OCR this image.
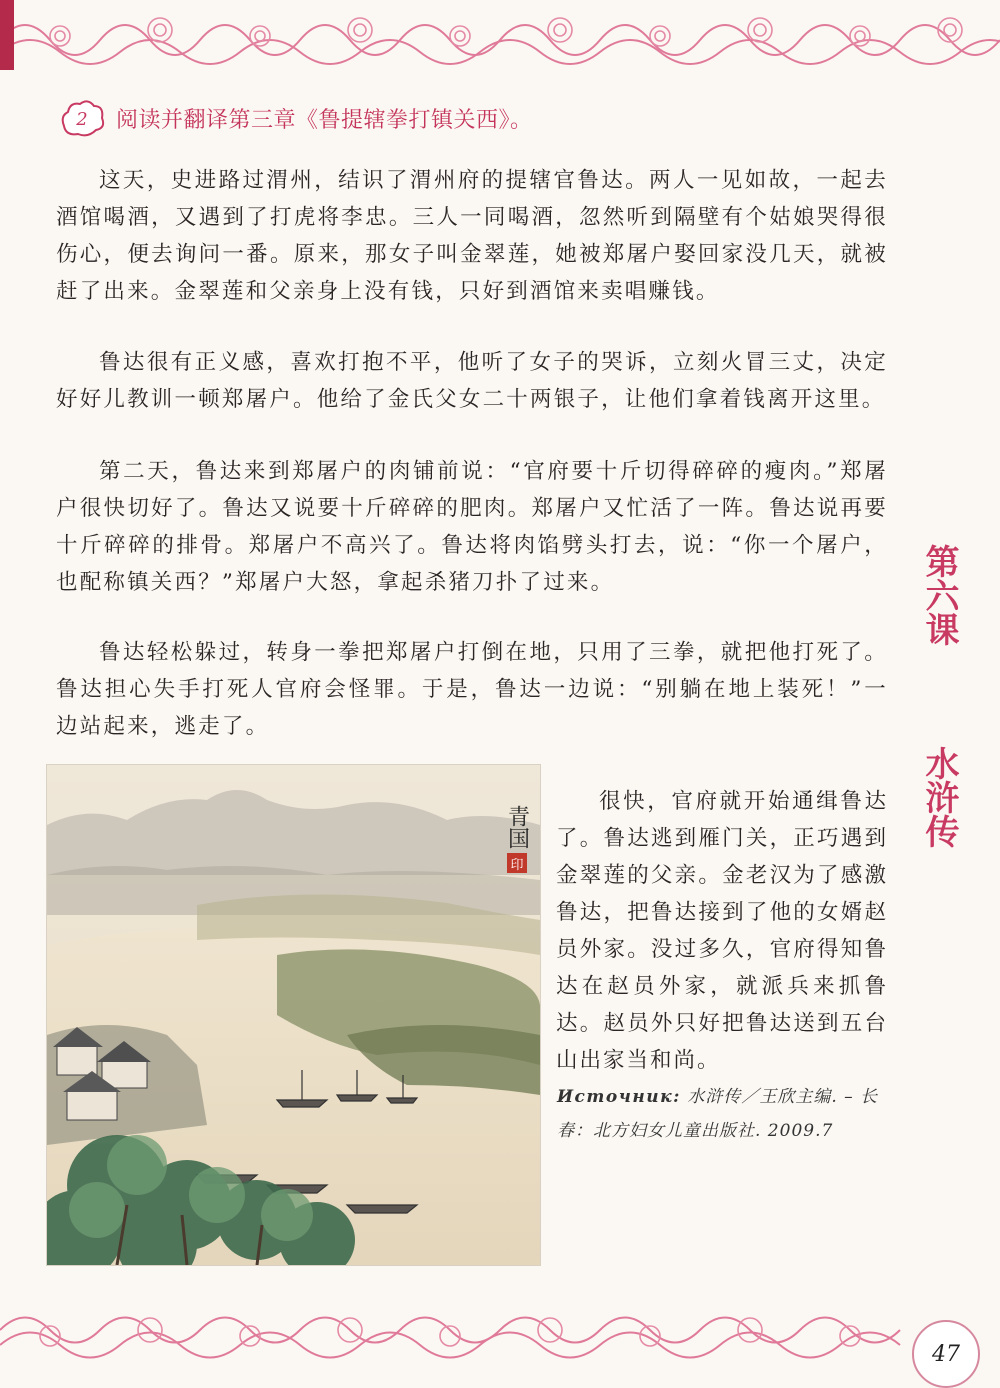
2 阅读并翻译第三章《鲁提辖拳打镇关西》。

这天，史进路过渭州，结识了渭州府的提辖官鲁达。两人一见如故，一起去酒馆喝酒，又遇到了打虎将李忠。三人一同喝酒，忽然听到隔壁有个姑娘哭得很伤心，便去询问一番。原来，那女子叫金翠莲，她被郑屠户娶回家没几天，就被赶了出来。金翠莲和父亲身上没有钱，只好到酒馆来卖唱赚钱。

鲁达很有正义感，喜欢打抱不平，他听了女子的哭诉，立刻火冒三丈，决定好好儿教训一顿郑屠户。他给了金氏父女二十两银子，让他们拿着钱离开这里。

第二天，鲁达来到郑屠户的肉铺前说：“官府要十斤切得碎碎的瘦肉。”郑屠户很快切好了。鲁达又说要十斤碎碎的肥肉。郑屠户又忙活了一阵。鲁达说再要十斤碎碎的排骨。郑屠户不高兴了。鲁达将肉馅劈头打去，说：“你一个屠户，也配称镇关西？”郑屠户大怒，拿起杀猪刀扑了过来。

鲁达轻松躲过，转身一拳把郑屠户打倒在地，只用了三拳，就把他打死了。鲁达担心失手打死人官府会怪罪。于是，鲁达一边说：“别躺在地上装死！”一边站起来，逃走了。

青国
印

很快，官府就开始通缉鲁达了。鲁达逃到雁门关，正巧遇到金翠莲的父亲。金老汉为了感激鲁达，把鲁达接到了他的女婿赵员外家。没过多久，官府得知鲁达在赵员外家，就派兵来抓鲁达。赵员外只好把鲁达送到五台山出家当和尚。

Источник: 水浒传／王欣主编. – 长春：北方妇女儿童出版社. 2009.7
第六课
水浒传
47
